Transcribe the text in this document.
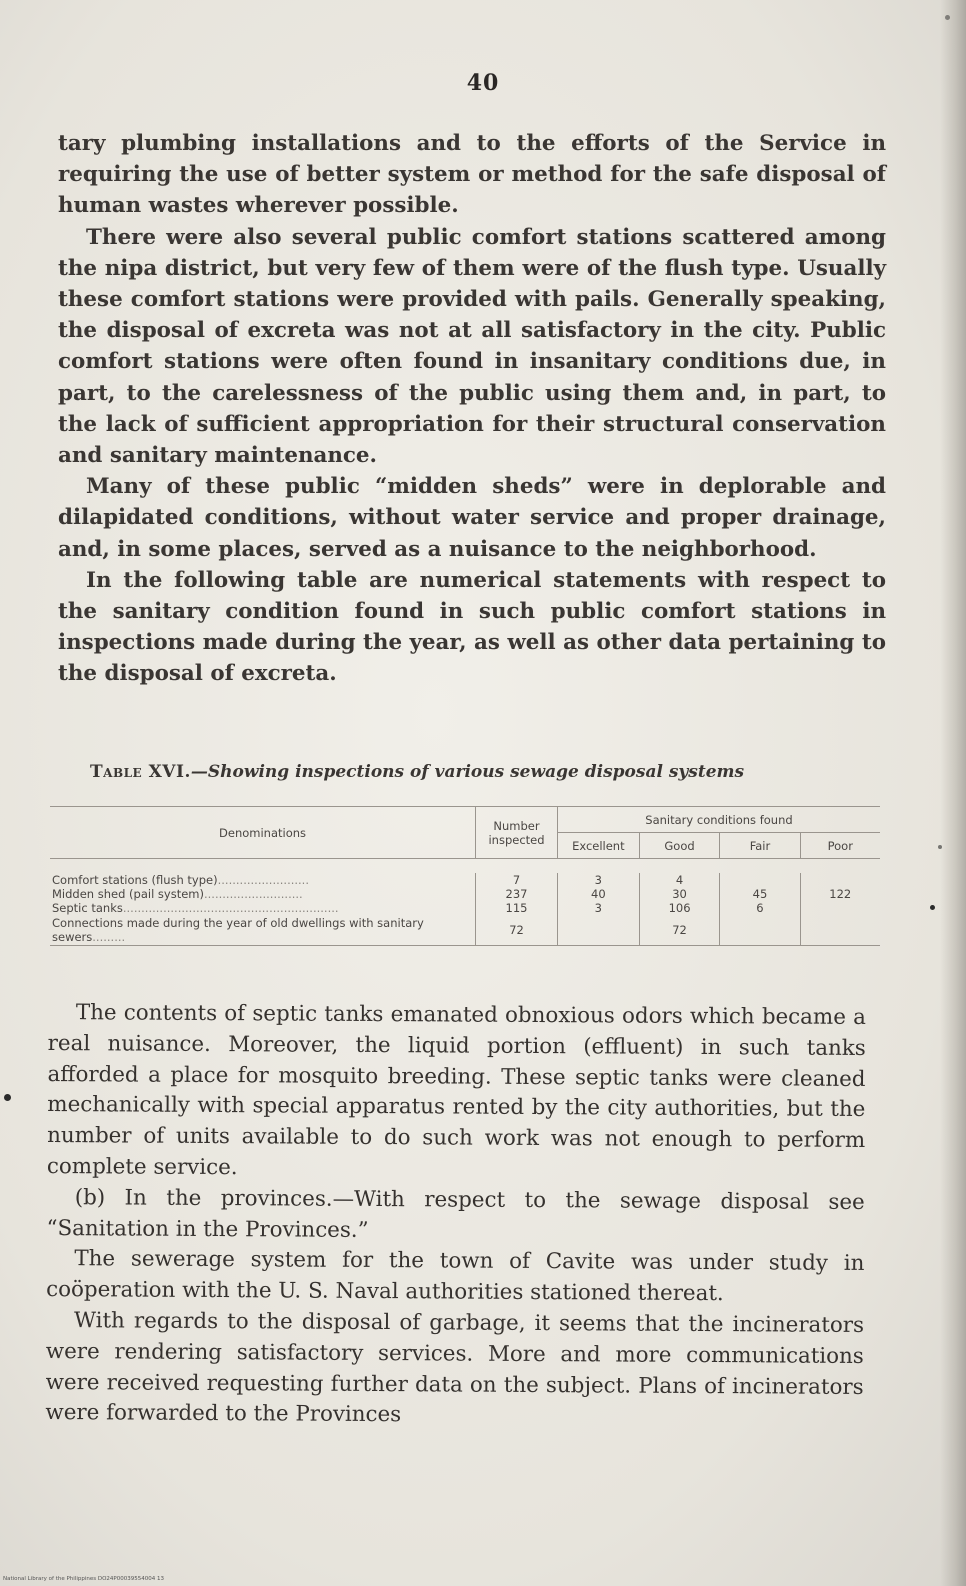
40

tary plumbing installations and to the efforts of the Service in requiring the use of better system or method for the safe disposal of human wastes wherever possible.

There were also several public comfort stations scattered among the nipa district, but very few of them were of the flush type. Usually these comfort stations were provided with pails. Generally speaking, the disposal of excreta was not at all satisfactory in the city. Public comfort stations were often found in insanitary conditions due, in part, to the carelessness of the public using them and, in part, to the lack of sufficient appropriation for their structural conservation and sanitary maintenance.

Many of these public “midden sheds” were in deplorable and dilapidated conditions, without water service and proper drainage, and, in some places, served as a nuisance to the neighborhood.

In the following table are numerical statements with respect to the sanitary condition found in such public comfort stations in inspections made during the year, as well as other data pertaining to the disposal of excreta.

Table XVI.—Showing inspections of various sewage disposal systems
Denominations	Number inspected	Sanitary conditions found			
		Excellent	Good	Fair	Poor

Comfort stations (flush type).........................	7	3	4		
Midden shed (pail system)...........................	237	40	30	45	122
Septic tanks...........................................................	115	3	106	6	
Connections made during the year of old dwellings with sanitary sewers.........	72		72		

The contents of septic tanks emanated obnoxious odors which became a real nuisance. Moreover, the liquid portion (effluent) in such tanks afforded a place for mosquito breeding. These septic tanks were cleaned mechanically with special apparatus rented by the city authorities, but the number of units available to do such work was not enough to perform complete service.

(b) In the provinces.—With respect to the sewage disposal see “Sanitation in the Provinces.”

The sewerage system for the town of Cavite was under study in coöperation with the U. S. Naval authorities stationed thereat.

With regards to the disposal of garbage, it seems that the incinerators were rendering satisfactory services. More and more communications were received requesting further data on the subject. Plans of incinerators were forwarded to the Provinces

National Library of the Philippines DO24P00039554004 13
